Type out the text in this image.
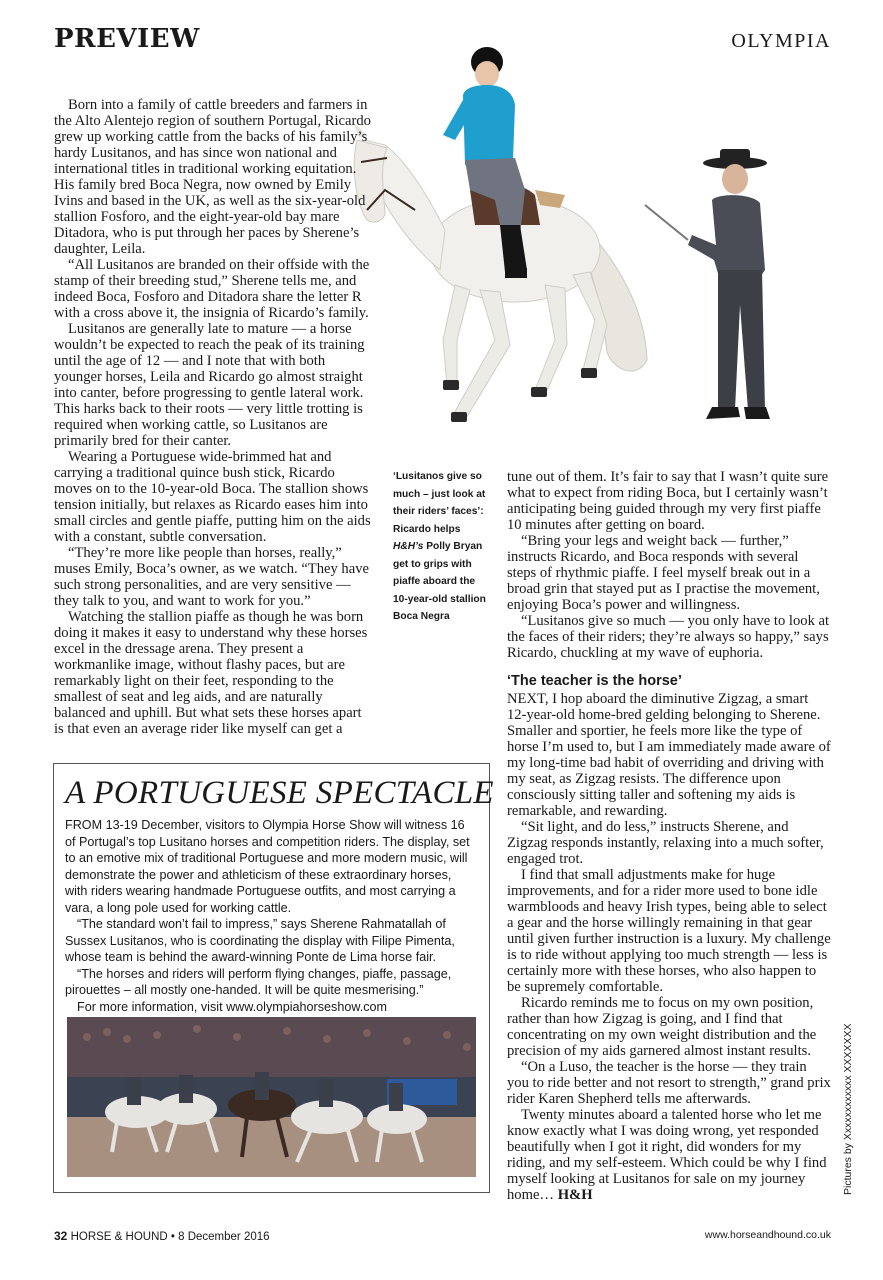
PREVIEW	OLYMPIA

Born into a family of cattle breeders and farmers in the Alto Alentejo region of southern Portugal, Ricardo grew up working cattle from the backs of his family’s hardy Lusitanos, and has since won national and international titles in traditional working equitation. His family bred Boca Negra, now owned by Emily Ivins and based in the UK, as well as the six-year-old stallion Fosforo, and the eight-year-old bay mare Ditadora, who is put through her paces by Sherene’s daughter, Leila.

“All Lusitanos are branded on their offside with the stamp of their breeding stud,” Sherene tells me, and indeed Boca, Fosforo and Ditadora share the letter R with a cross above it, the insignia of Ricardo’s family.

Lusitanos are generally late to mature — a horse wouldn’t be expected to reach the peak of its training until the age of 12 — and I note that with both younger horses, Leila and Ricardo go almost straight into canter, before progressing to gentle lateral work. This harks back to their roots — very little trotting is required when working cattle, so Lusitanos are primarily bred for their canter.

Wearing a Portuguese wide-brimmed hat and carrying a traditional quince bush stick, Ricardo moves on to the 10-year-old Boca. The stallion shows tension initially, but relaxes as Ricardo eases him into small circles and gentle piaffe, putting him on the aids with a constant, subtle conversation.

“They’re more like people than horses, really,” muses Emily, Boca’s owner, as we watch. “They have such strong personalities, and are very sensitive — they talk to you, and want to work for you.”

Watching the stallion piaffe as though he was born doing it makes it easy to understand why these horses excel in the dressage arena. They present a workmanlike image, without flashy paces, but are remarkably light on their feet, responding to the smallest of seat and leg aids, and are naturally balanced and uphill. But what sets these horses apart is that even an average rider like myself can get a

‘Lusitanos give so much – just look at their riders’ faces’: Ricardo helps H&H’s Polly Bryan get to grips with piaffe aboard the 10-year-old stallion Boca Negra

tune out of them. It’s fair to say that I wasn’t quite sure what to expect from riding Boca, but I certainly wasn’t anticipating being guided through my very first piaffe 10 minutes after getting on board.

“Bring your legs and weight back — further,” instructs Ricardo, and Boca responds with several steps of rhythmic piaffe. I feel myself break out in a broad grin that stayed put as I practise the movement, enjoying Boca’s power and willingness.

“Lusitanos give so much — you only have to look at the faces of their riders; they’re always so happy,” says Ricardo, chuckling at my wave of euphoria.

‘The teacher is the horse’

NEXT, I hop aboard the diminutive Zigzag, a smart 12-year-old home-bred gelding belonging to Sherene. Smaller and sportier, he feels more like the type of horse I’m used to, but I am immediately made aware of my long-time bad habit of overriding and driving with my seat, as Zigzag resists. The difference upon consciously sitting taller and softening my aids is remarkable, and rewarding.

“Sit light, and do less,” instructs Sherene, and Zigzag responds instantly, relaxing into a much softer, engaged trot.

I find that small adjustments make for huge improvements, and for a rider more used to bone idle warmbloods and heavy Irish types, being able to select a gear and the horse willingly remaining in that gear until given further instruction is a luxury. My challenge is to ride without applying too much strength — less is certainly more with these horses, who also happen to be supremely comfortable.

Ricardo reminds me to focus on my own position, rather than how Zigzag is going, and I find that concentrating on my own weight distribution and the precision of my aids garnered almost instant results.

“On a Luso, the teacher is the horse — they train you to ride better and not resort to strength,” grand prix rider Karen Shepherd tells me afterwards.

Twenty minutes aboard a talented horse who let me know exactly what I was doing wrong, yet responded beautifully when I got it right, did wonders for my riding, and my self-esteem. Which could be why I find myself looking at Lusitanos for sale on my journey home… H&H

A PORTUGUESE SPECTACLE

FROM 13-19 December, visitors to Olympia Horse Show will witness 16 of Portugal’s top Lusitano horses and competition riders. The display, set to an emotive mix of traditional Portuguese and more modern music, will demonstrate the power and athleticism of these extraordinary horses, with riders wearing handmade Portuguese outfits, and most carrying a vara, a long pole used for working cattle.

“The standard won’t fail to impress,” says Sherene Rahmatallah of Sussex Lusitanos, who is coordinating the display with Filipe Pimenta, whose team is behind the award-winning Ponte de Lima horse fair.

“The horses and riders will perform flying changes, piaffe, passage, pirouettes – all mostly one-handed. It will be quite mesmerising.”

For more information, visit www.olympiahorseshow.com

32 HORSE & HOUND • 8 December 2016	www.horseandhound.co.uk
Pictures by Xxxxxxxxxxxx XXXXXXX
